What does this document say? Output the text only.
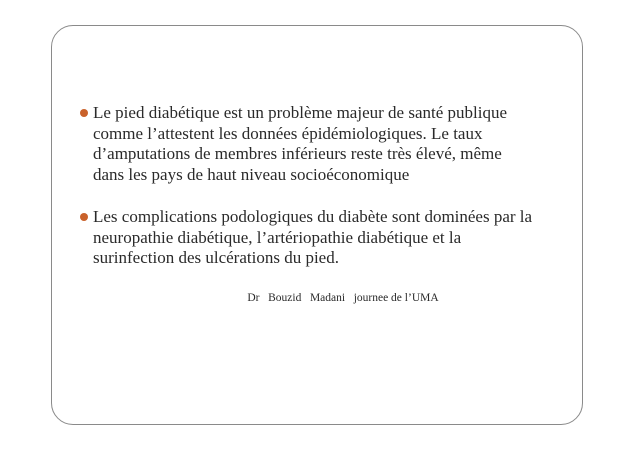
Le pied diabétique est un problème majeur de santé publique
comme l’attestent les données épidémiologiques. Le taux
d’amputations de membres inférieurs reste très élevé, même
dans les pays de haut niveau socioéconomique
Les complications podologiques du diabète sont dominées par la
neuropathie diabétique, l’artériopathie diabétique et la
surinfection des ulcérations du pied.
Dr   Bouzid   Madani   journee de l’UMA
